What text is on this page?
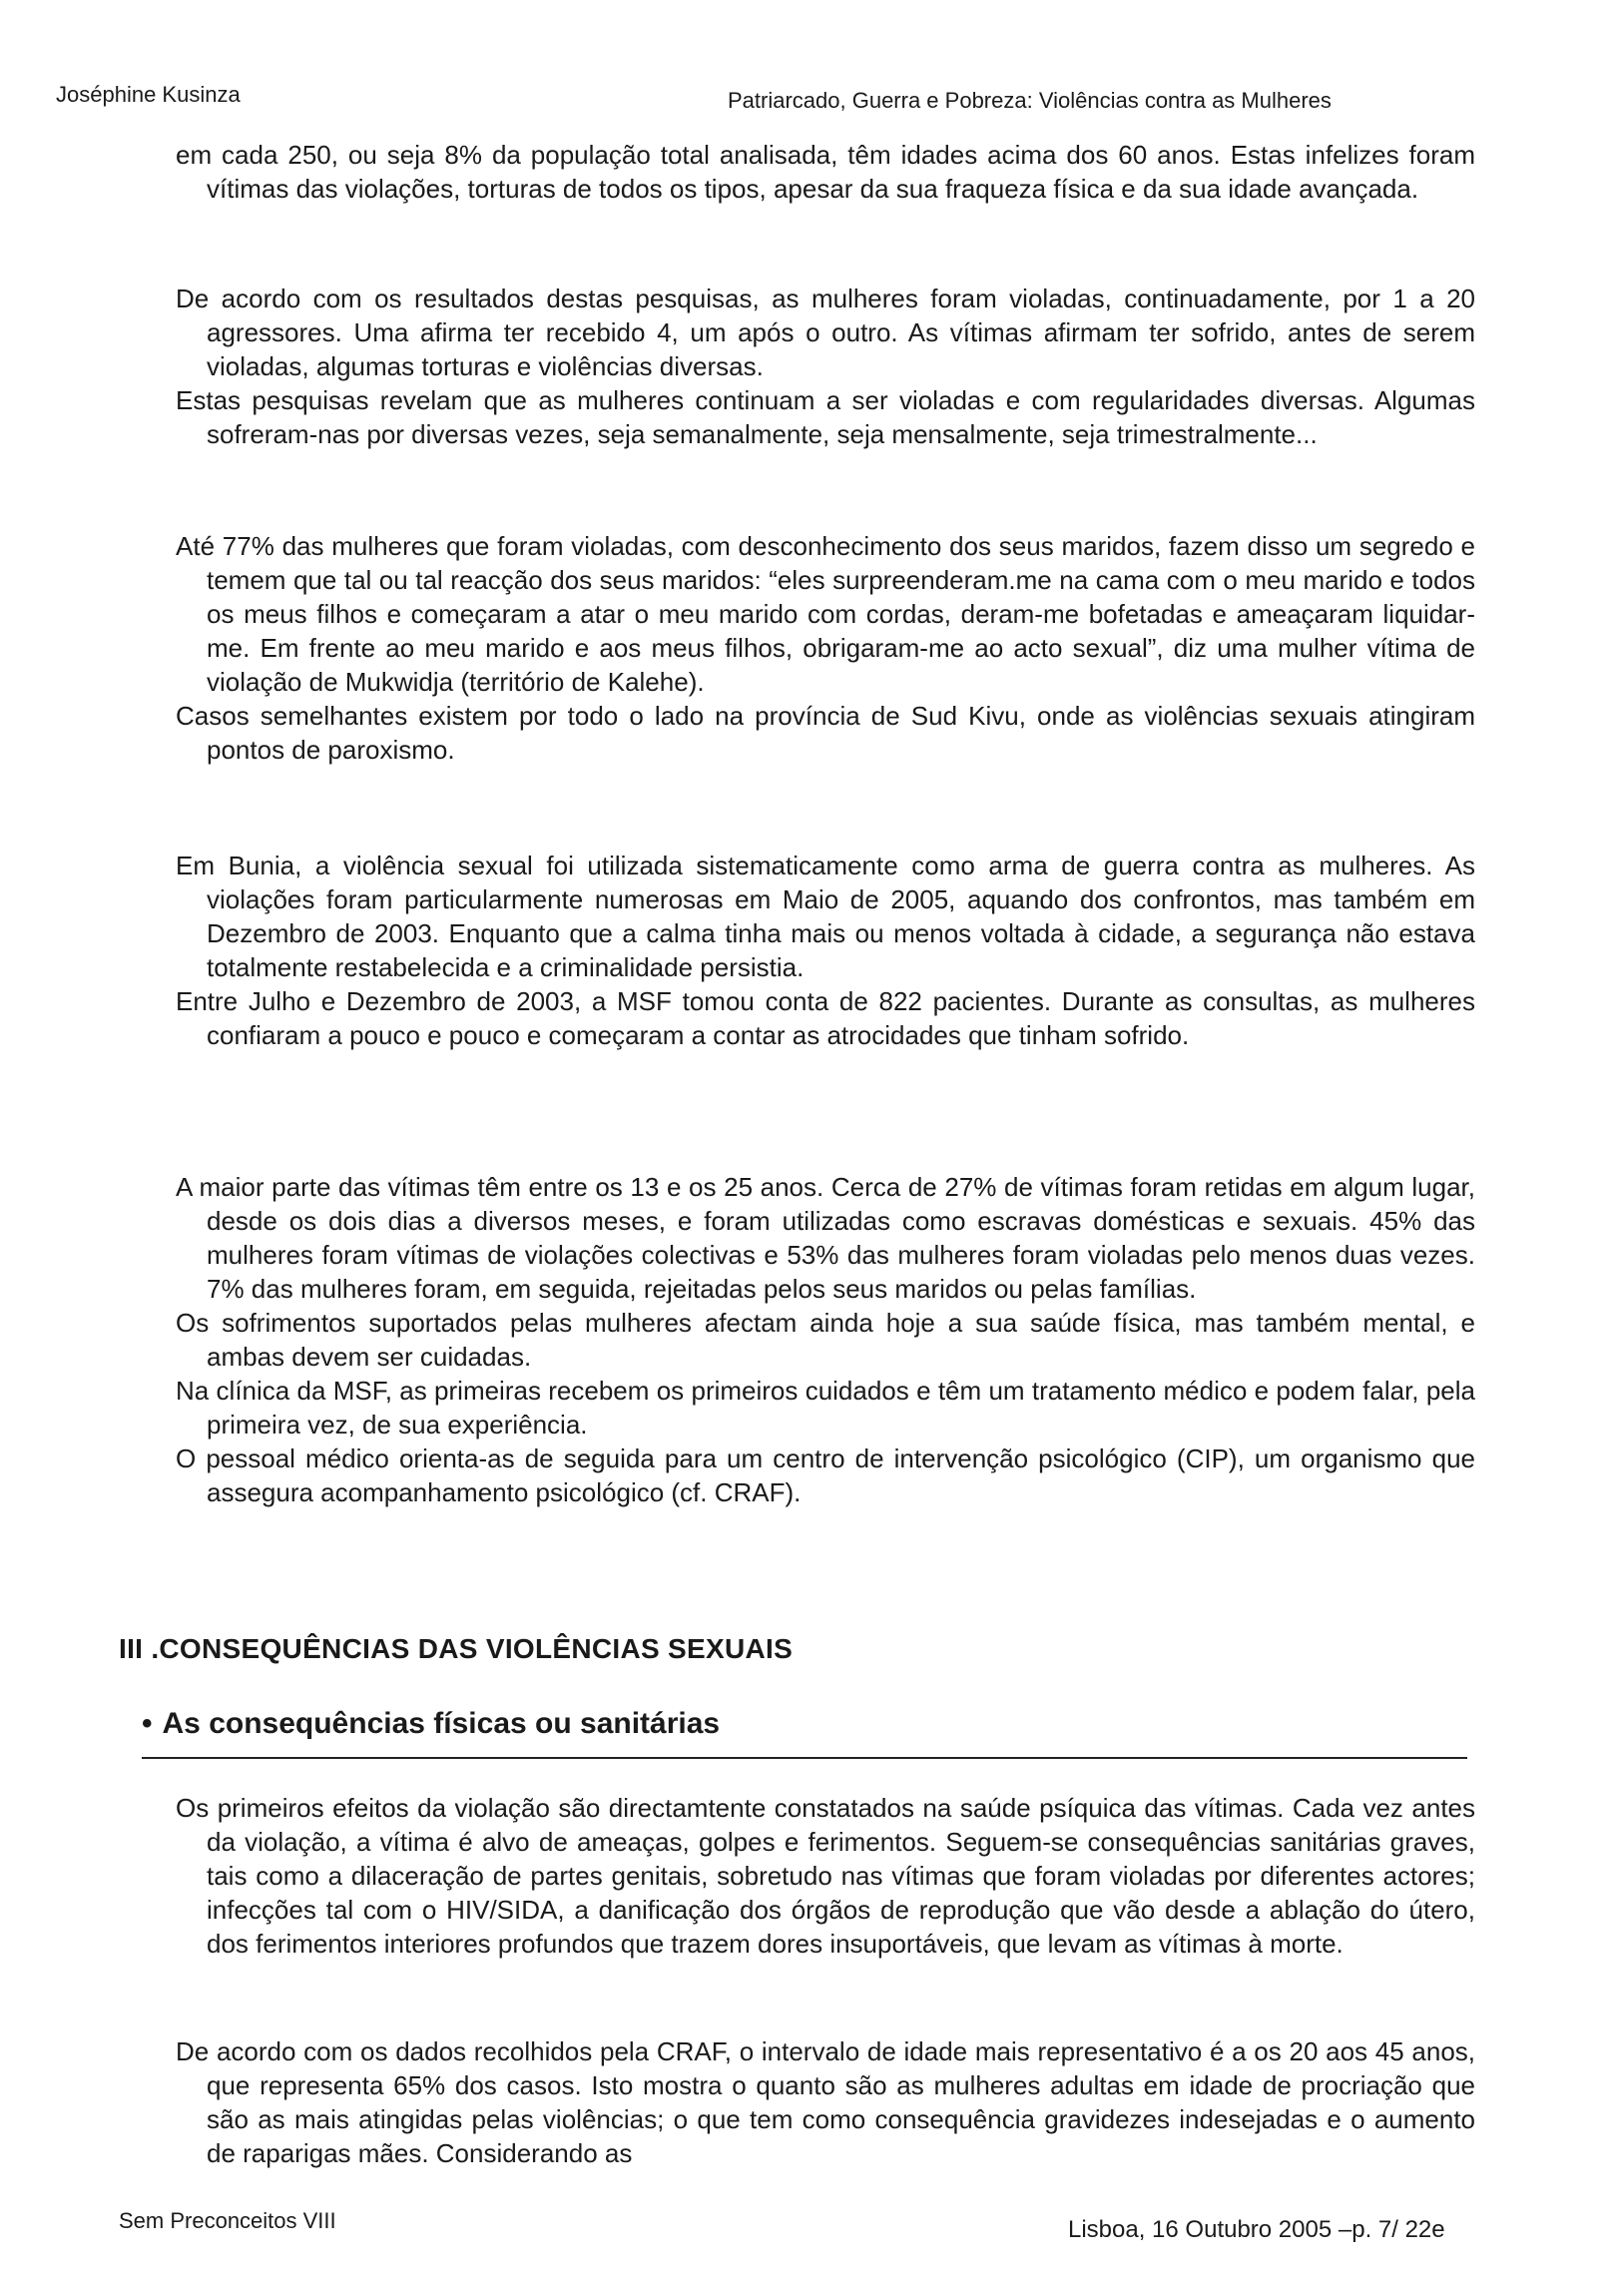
Joséphine Kusinza	Patriarcado, Guerra e Pobreza: Violências contra as Mulheres

em cada 250, ou seja 8% da população total analisada, têm idades acima dos 60 anos. Estas infelizes foram vítimas das violações, torturas de todos os tipos, apesar da sua fraqueza física e da sua idade avançada.

De acordo com os resultados destas pesquisas, as mulheres foram violadas, continuadamente, por 1 a 20 agressores. Uma afirma ter recebido 4, um após o outro. As vítimas afirmam ter sofrido, antes de serem violadas, algumas torturas e violências diversas.

Estas pesquisas revelam que as mulheres continuam a ser violadas e com regularidades diversas. Algumas sofreram-nas por diversas vezes, seja semanalmente, seja mensalmente, seja trimestralmente...

Até 77% das mulheres que foram violadas, com desconhecimento dos seus maridos, fazem disso um segredo e temem que tal ou tal reacção dos seus maridos: “eles surpreenderam.me na cama com o meu marido e todos os meus filhos e começaram a atar o meu marido com cordas, deram-me bofetadas e ameaçaram liquidar-me. Em frente ao meu marido e aos meus filhos, obrigaram-me ao acto sexual”, diz uma mulher vítima de violação de Mukwidja (território de Kalehe).

Casos semelhantes existem por todo o lado na província de Sud Kivu, onde as violências sexuais atingiram pontos de paroxismo.

Em Bunia, a violência sexual foi utilizada sistematicamente como arma de guerra contra as mulheres. As violações foram particularmente numerosas em Maio de 2005, aquando dos confrontos, mas também em Dezembro de 2003. Enquanto que a calma tinha mais ou menos voltada à cidade, a segurança não estava totalmente restabelecida e a criminalidade persistia.

Entre Julho e Dezembro de 2003, a MSF tomou conta de 822 pacientes. Durante as consultas, as mulheres confiaram a pouco e pouco e começaram a contar as atrocidades que tinham sofrido.

A maior parte das vítimas têm entre os 13 e os 25 anos. Cerca de 27% de vítimas foram retidas em algum lugar, desde os dois dias a diversos meses, e foram utilizadas como escravas domésticas e sexuais. 45% das mulheres foram vítimas de violações colectivas e 53% das mulheres foram violadas pelo menos duas vezes. 7% das mulheres foram, em seguida, rejeitadas pelos seus maridos ou pelas famílias.

Os sofrimentos suportados pelas mulheres afectam ainda hoje a sua saúde física, mas também mental, e ambas devem ser cuidadas.

Na clínica da MSF, as primeiras recebem os primeiros cuidados e têm um tratamento médico e podem falar, pela primeira vez, de sua experiência.

O pessoal médico orienta-as de seguida para um centro de intervenção psicológico (CIP), um organismo que assegura acompanhamento psicológico (cf. CRAF).

III .CONSEQUÊNCIAS DAS VIOLÊNCIAS SEXUAIS
• As consequências físicas ou sanitárias

Os primeiros efeitos da violação são directamtente constatados na saúde psíquica das vítimas. Cada vez antes da violação, a vítima é alvo de ameaças, golpes e ferimentos. Seguem-se consequências sanitárias graves, tais como a dilaceração de partes genitais, sobretudo nas vítimas que foram violadas por diferentes actores; infecções tal com o HIV/SIDA, a danificação dos órgãos de reprodução que vão desde a ablação do útero, dos ferimentos interiores profundos que trazem dores insuportáveis, que levam as vítimas à morte.

De acordo com os dados recolhidos pela CRAF, o intervalo de idade mais representativo é a os 20 aos 45 anos, que representa 65% dos casos. Isto mostra o quanto são as mulheres adultas em idade de procriação que são as mais atingidas pelas violências; o que tem como consequência gravidezes indesejadas e o aumento de raparigas mães. Considerando as

Sem Preconceitos VIII	Lisboa, 16 Outubro 2005 –p. 7/ 22e
